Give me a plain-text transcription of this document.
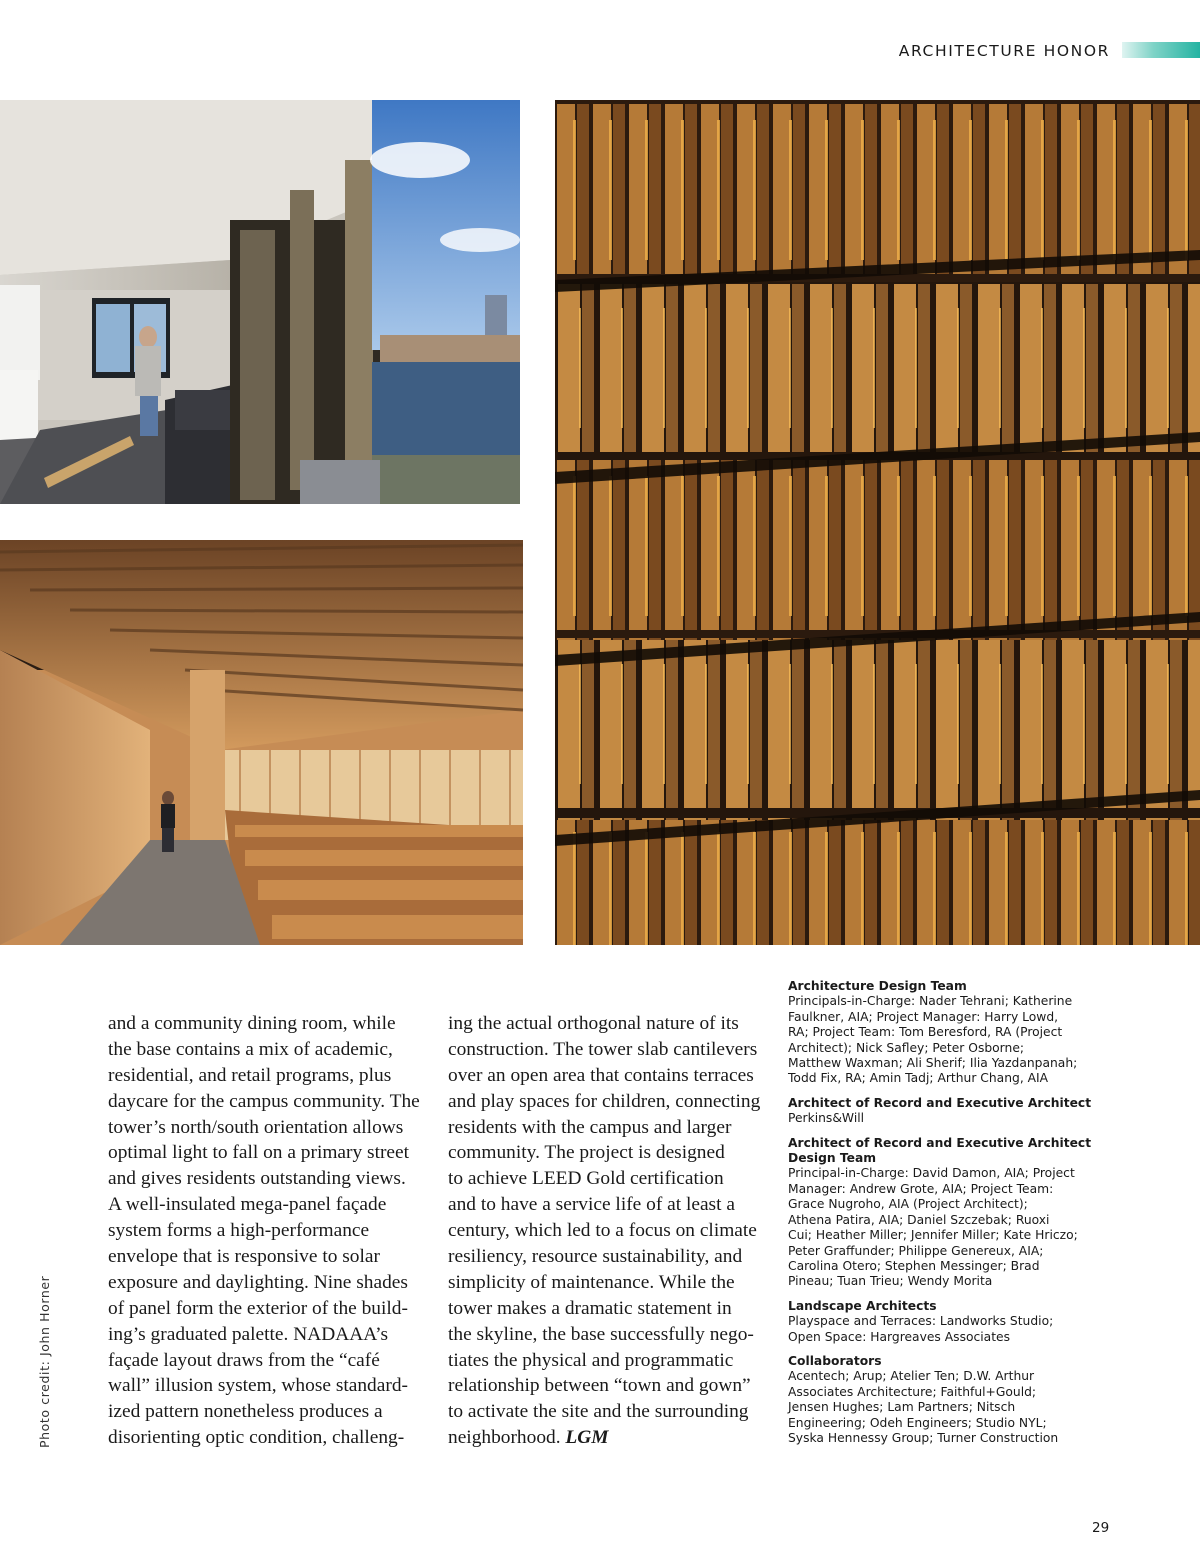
ARCHITECTURE HONOR
Photo credit: John Horner
and a community dining room, while
the base contains a mix of academic,
residential, and retail programs, plus
daycare for the campus community. The
tower’s north/south orientation allows
optimal light to fall on a primary street
and gives residents outstanding views.
A well-insulated mega-panel façade
system forms a high-performance
envelope that is responsive to solar
exposure and daylighting. Nine shades
of panel form the exterior of the build-
ing’s graduated palette. NADAAA’s
façade layout draws from the “café
wall” illusion system, whose standard-
ized pattern nonetheless produces a
disorienting optic condition, challeng-
ing the actual orthogonal nature of its
construction. The tower slab cantilevers
over an open area that contains terraces
and play spaces for children, connecting
residents with the campus and larger
community. The project is designed
to achieve LEED Gold certification
and to have a service life of at least a
century, which led to a focus on climate
resiliency, resource sustainability, and
simplicity of maintenance. While the
tower makes a dramatic statement in
the skyline, the base successfully nego-
tiates the physical and programmatic
relationship between “town and gown”
to activate the site and the surrounding
neighborhood. LGM
Architecture Design Team
Principals-in-Charge: Nader Tehrani; Katherine
Faulkner, AIA; Project Manager: Harry Lowd,
RA; Project Team: Tom Beresford, RA (Project
Architect); Nick Safley; Peter Osborne;
Matthew Waxman; Ali Sherif; Ilia Yazdanpanah;
Todd Fix, RA; Amin Tadj; Arthur Chang, AIA
Architect of Record and Executive Architect
Perkins&Will
Architect of Record and Executive Architect
Design Team
Principal-in-Charge: David Damon, AIA; Project
Manager: Andrew Grote, AIA; Project Team:
Grace Nugroho, AIA (Project Architect);
Athena Patira, AIA; Daniel Szczebak; Ruoxi
Cui; Heather Miller; Jennifer Miller; Kate Hriczo;
Peter Graffunder; Philippe Genereux, AIA;
Carolina Otero; Stephen Messinger; Brad
Pineau; Tuan Trieu; Wendy Morita
Landscape Architects
Playspace and Terraces: Landworks Studio;
Open Space: Hargreaves Associates
Collaborators
Acentech; Arup; Atelier Ten; D.W. Arthur
Associates Architecture; Faithful+Gould;
Jensen Hughes; Lam Partners; Nitsch
Engineering; Odeh Engineers; Studio NYL;
Syska Hennessy Group; Turner Construction
29
